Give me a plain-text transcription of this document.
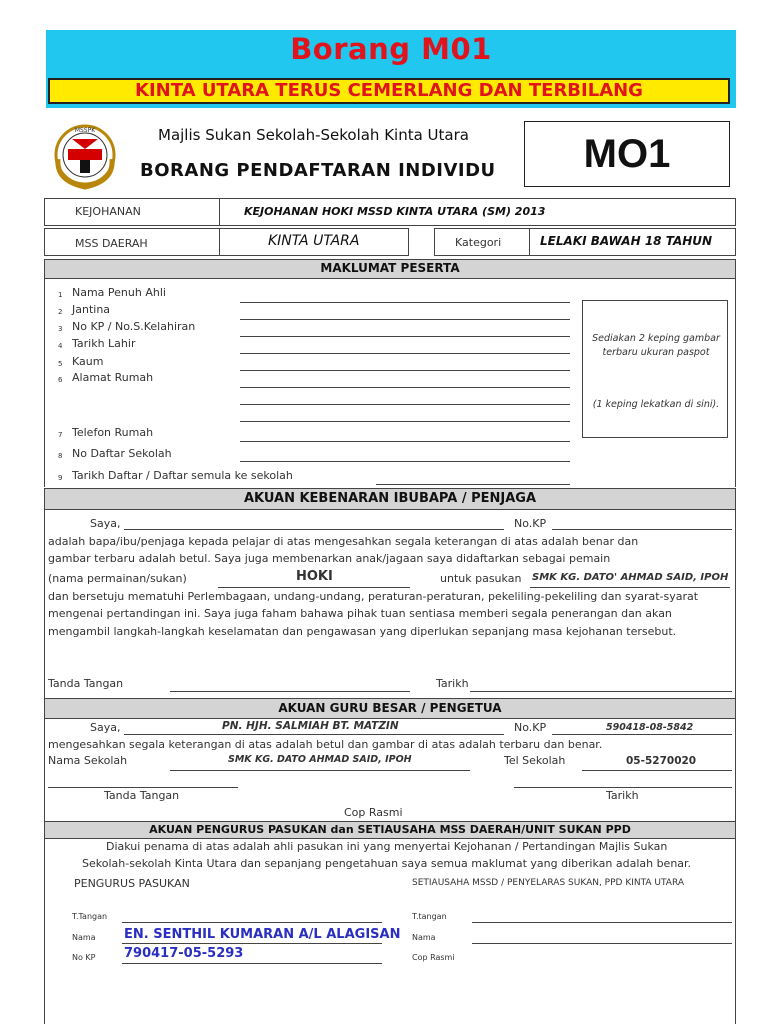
Borang M01
KINTA UTARA TERUS CEMERLANG DAN TERBILANG
MSSPK	Majlis Sukan Sekolah-Sekolah Kinta Utara
BORANG PENDAFTARAN INDIVIDU	MO1
KEJOHANAN	KEJOHANAN HOKI MSSD KINTA UTARA (SM) 2013
MSS DAERAH	KINTA UTARA	Kategori	LELAKI BAWAH 18 TAHUN
MAKLUMAT PESERTA
1 Nama Penuh Ahli
2 Jantina
3 No KP / No.S.Kelahiran
4 Tarikh Lahir
5 Kaum
6 Alamat Rumah
7 Telefon Rumah
8 No Daftar Sekolah
9 Tarikh Daftar / Daftar semula ke sekolah
Sediakan 2 keping gambar
terbaru ukuran paspot
(1 keping lekatkan di sini).
AKUAN KEBENARAN IBUBAPA / PENJAGA
Saya,	No.KP
adalah bapa/ibu/penjaga kepada pelajar di atas mengesahkan segala keterangan di atas adalah benar dan
gambar terbaru adalah betul. Saya juga membenarkan anak/jagaan saya didaftarkan sebagai pemain
(nama permainan/sukan)	HOKI	untuk pasukan SMK KG. DATO' AHMAD SAID, IPOH
dan bersetuju mematuhi Perlembagaan, undang-undang, peraturan-peraturan, pekeliling-pekeliling dan syarat-syarat
mengenai pertandingan ini. Saya juga faham bahawa pihak tuan sentiasa memberi segala penerangan dan akan
mengambil langkah-langkah keselamatan dan pengawasan yang diperlukan sepanjang masa kejohanan tersebut.
Tanda Tangan	Tarikh
AKUAN GURU BESAR / PENGETUA
Saya,	PN. HJH. SALMIAH BT. MATZIN	No.KP	590418-08-5842
mengesahkan segala keterangan di atas adalah betul dan gambar di atas adalah terbaru dan benar.
Nama Sekolah	SMK KG. DATO AHMAD SAID, IPOH	Tel Sekolah	05-5270020
Tanda Tangan	Tarikh
Cop Rasmi
AKUAN PENGURUS PASUKAN dan SETIAUSAHA MSS DAERAH/UNIT SUKAN PPD
Diakui penama di atas adalah ahli pasukan ini yang menyertai Kejohanan / Pertandingan Majlis Sukan
Sekolah-sekolah Kinta Utara dan sepanjang pengetahuan saya semua maklumat yang diberikan adalah benar.
PENGURUS PASUKAN	SETIAUSAHA MSSD / PENYELARAS SUKAN, PPD KINTA UTARA
T.Tangan
Nama EN. SENTHIL KUMARAN A/L ALAGISAN
No KP 790417-05-5293
T.tangan
Nama
Cop Rasmi
